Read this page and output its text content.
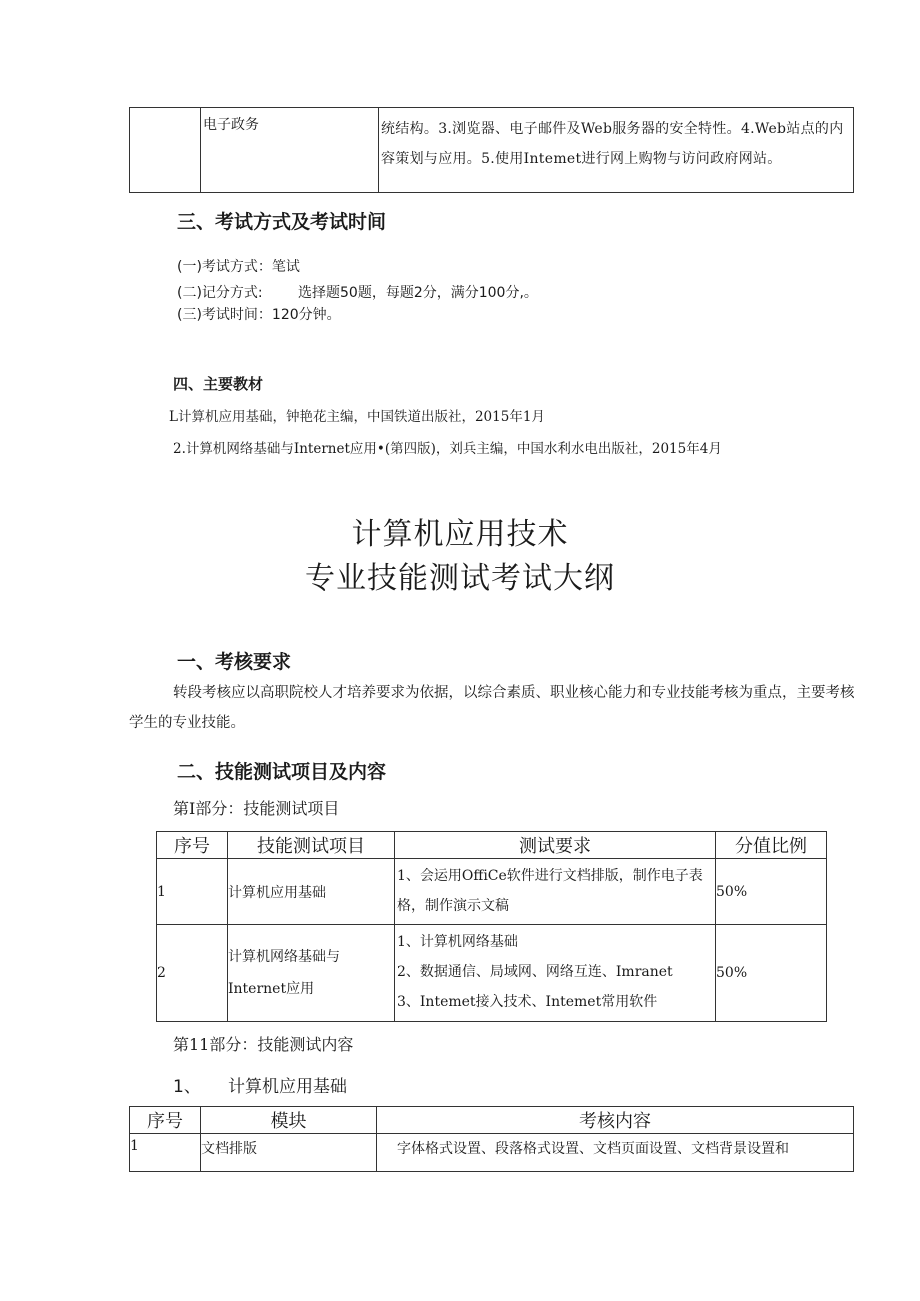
	电子政务	统结构。3.浏览器、电子邮件及Web服务器的安全特性。4.Web站点的内容策划与应用。5.使用Intemet进行网上购物与访问政府网站。
三、考试方式及考试时间
(一)考试方式：笔试
(二)记分方式:	选择题50题，每题2分，满分100分,。
(三)考试时间：120分钟。
四、主要教材
L计算机应用基础，钟艳花主编，中国铁道出版社，2015年1月
2.计算机网络基础与Internet应用•(第四版)，刘兵主编，中国水利水电出版社，2015年4月
计算机应用技术
专业技能测试考试大纲
一、考核要求
转段考核应以高职院校人才培养要求为依据，以综合素质、职业核心能力和专业技能考核为重点，主要考核学生的专业技能。
二、技能测试项目及内容
第Ⅰ部分：技能测试项目
序号	技能测试项目	测试要求	分值比例
1	计算机应用基础	1、会运用OffiCe软件进行文档排版，制作电子表格，制作演示文稿	50%
2	计算机网络基础与Internet应用	1、计算机网络基础
2、数据通信、局域网、网络互连、Imranet
3、Intemet接入技术、Intemet常用软件	50%
第11部分：技能测试内容
1、 计算机应用基础
序号	模块	考核内容
1	文档排版	字体格式设置、段落格式设置、文档页面设置、文档背景设置和
